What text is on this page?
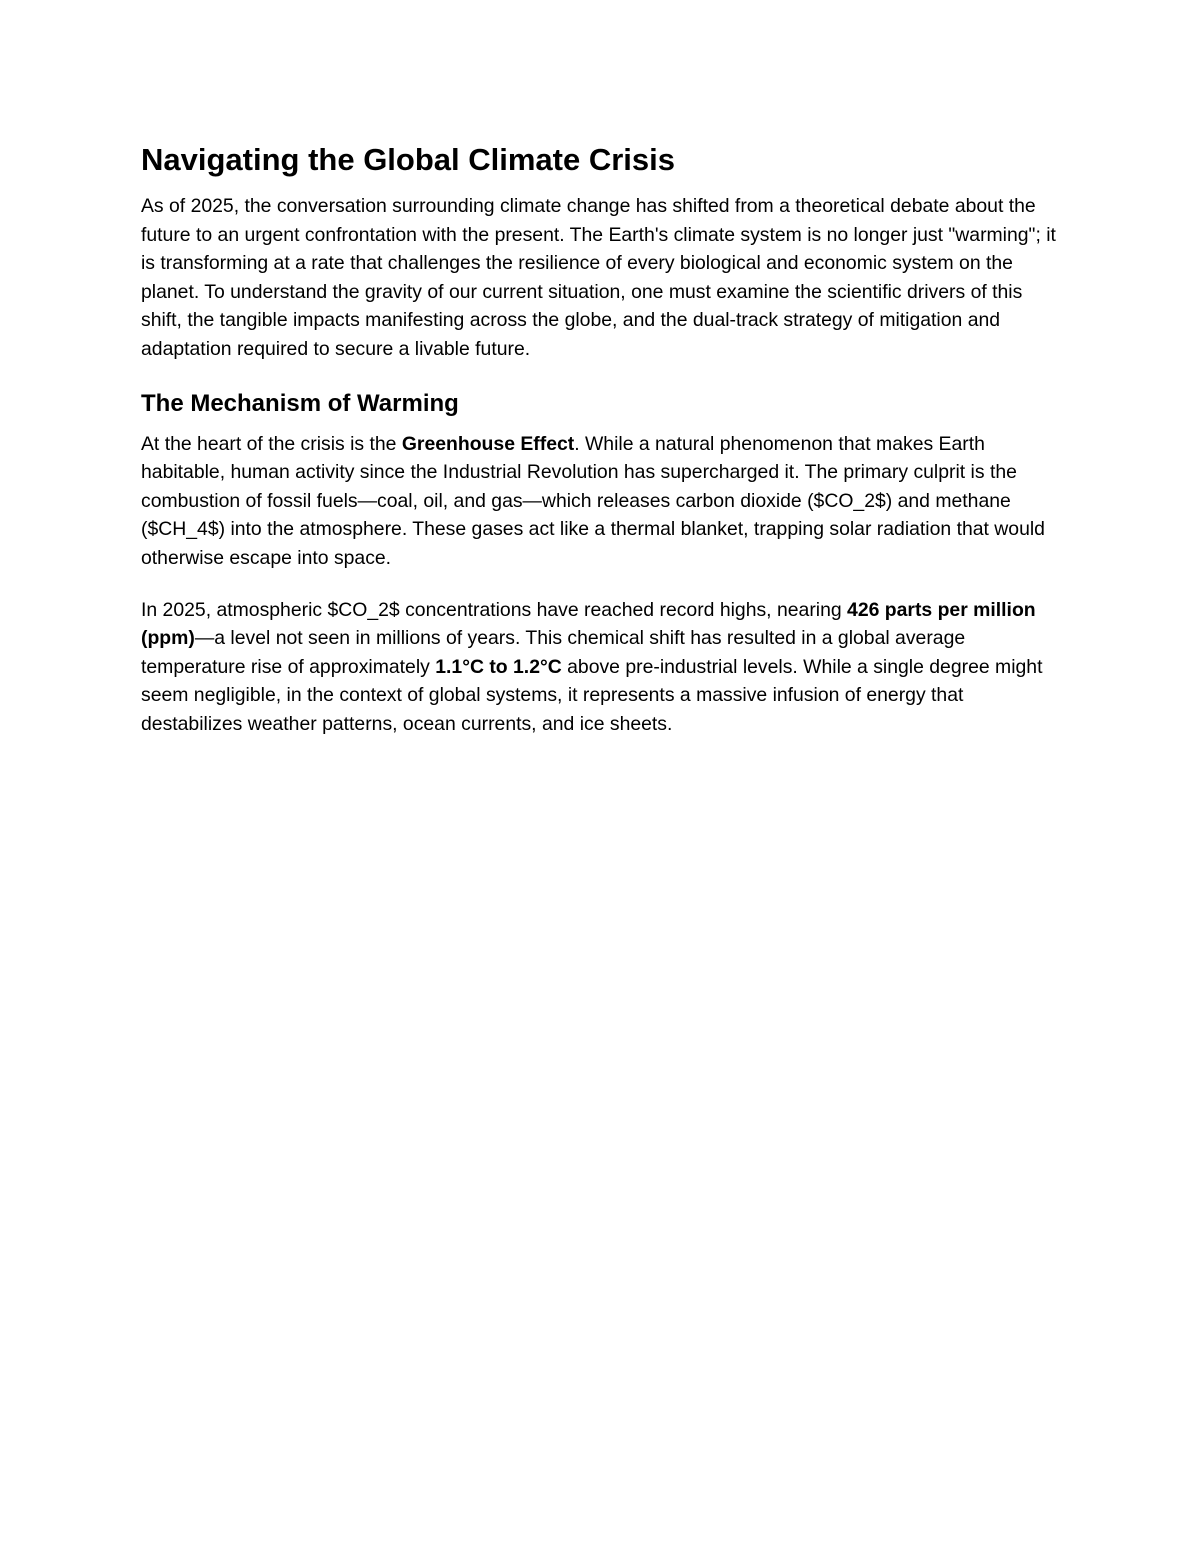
Navigating the Global Climate Crisis

As of 2025, the conversation surrounding climate change has shifted from a theoretical debate about the future to an urgent confrontation with the present. The Earth's climate system is no longer just "warming"; it is transforming at a rate that challenges the resilience of every biological and economic system on the planet. To understand the gravity of our current situation, one must examine the scientific drivers of this shift, the tangible impacts manifesting across the globe, and the dual-track strategy of mitigation and adaptation required to secure a livable future.

The Mechanism of Warming

At the heart of the crisis is the Greenhouse Effect. While a natural phenomenon that makes Earth habitable, human activity since the Industrial Revolution has supercharged it. The primary culprit is the combustion of fossil fuels—coal, oil, and gas—which releases carbon dioxide ($CO_2$) and methane ($CH_4$) into the atmosphere. These gases act like a thermal blanket, trapping solar radiation that would otherwise escape into space.

In 2025, atmospheric $CO_2$ concentrations have reached record highs, nearing 426 parts per million (ppm)—a level not seen in millions of years. This chemical shift has resulted in a global average temperature rise of approximately 1.1°C to 1.2°C above pre-industrial levels. While a single degree might seem negligible, in the context of global systems, it represents a massive infusion of energy that destabilizes weather patterns, ocean currents, and ice sheets.
